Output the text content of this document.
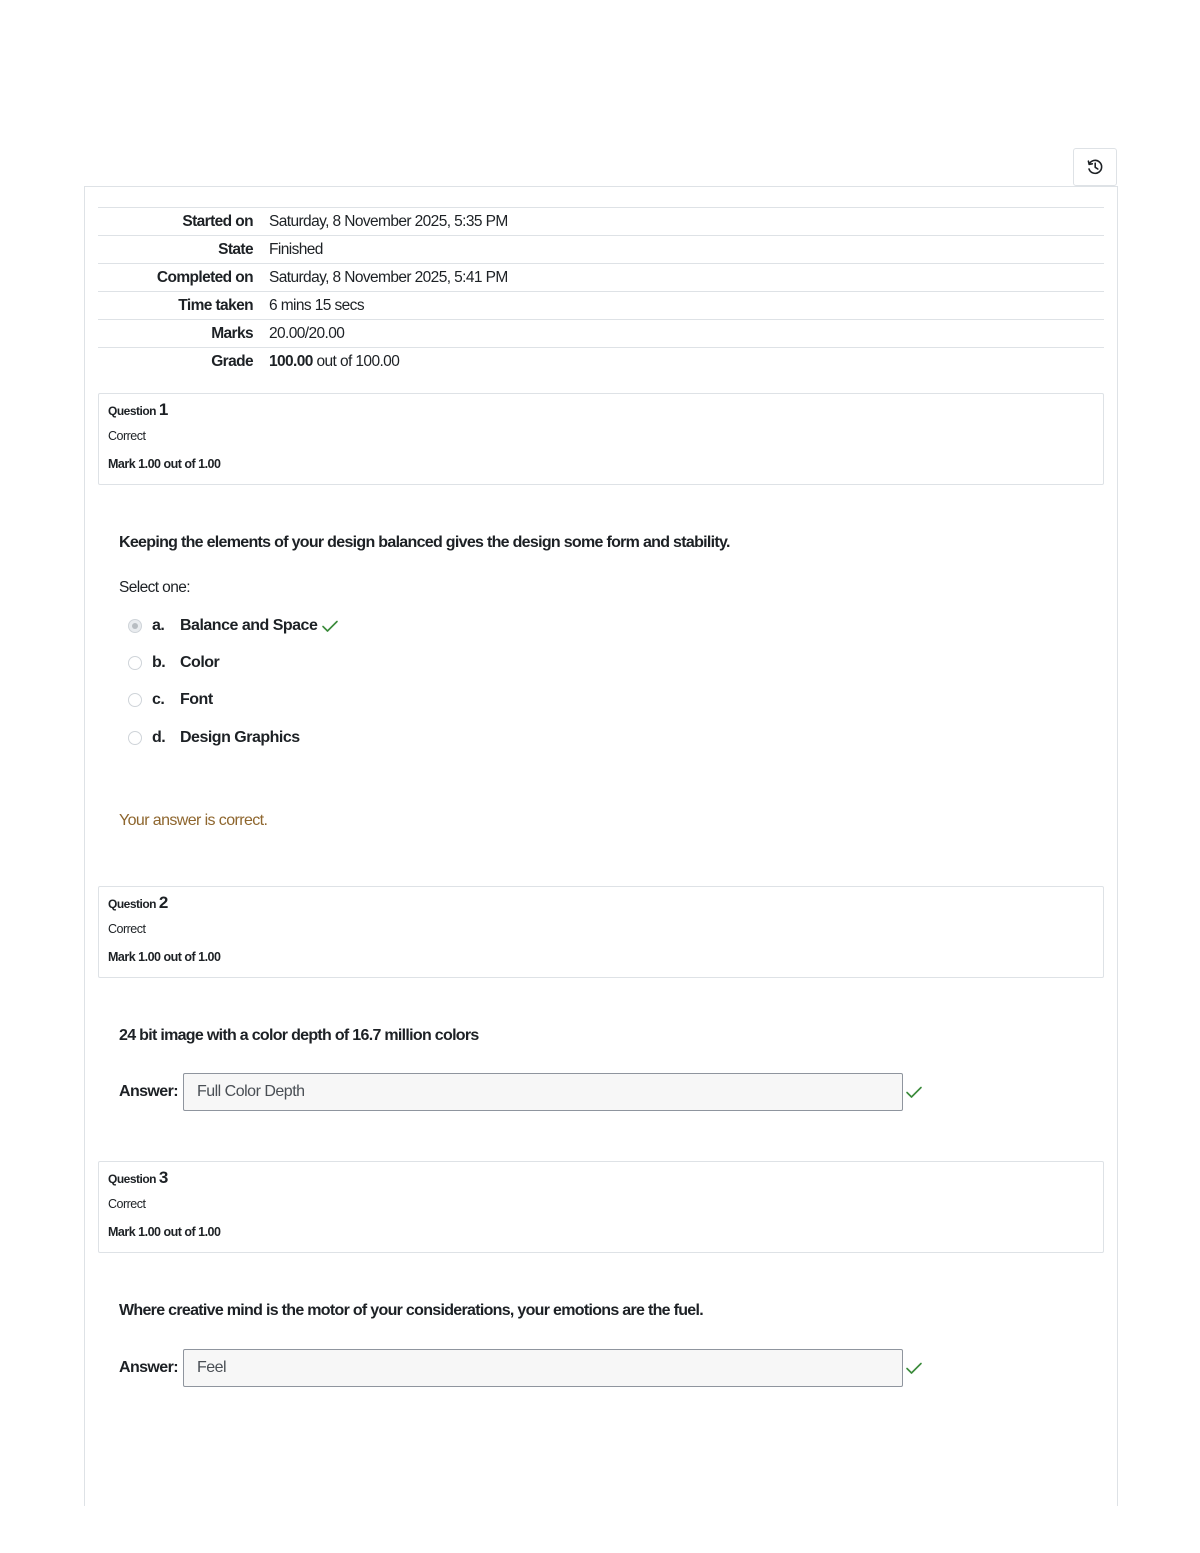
Started on	Saturday, 8 November 2025, 5:35 PM
State	Finished
Completed on	Saturday, 8 November 2025, 5:41 PM
Time taken	6 mins 15 secs
Marks	20.00/20.00
Grade	100.00 out of 100.00
Question 1
Correct
Mark 1.00 out of 1.00
Keeping the elements of your design balanced gives the design some form and stability.
Select one:
a. Balance and Space
b. Color
c. Font
d. Design Graphics
Your answer is correct.
Question 2
Correct
Mark 1.00 out of 1.00
24 bit image with a color depth of 16.7 million colors
Answer:
Full Color Depth
Question 3
Correct
Mark 1.00 out of 1.00
Where creative mind is the motor of your considerations, your emotions are the fuel.
Answer:
Feel
